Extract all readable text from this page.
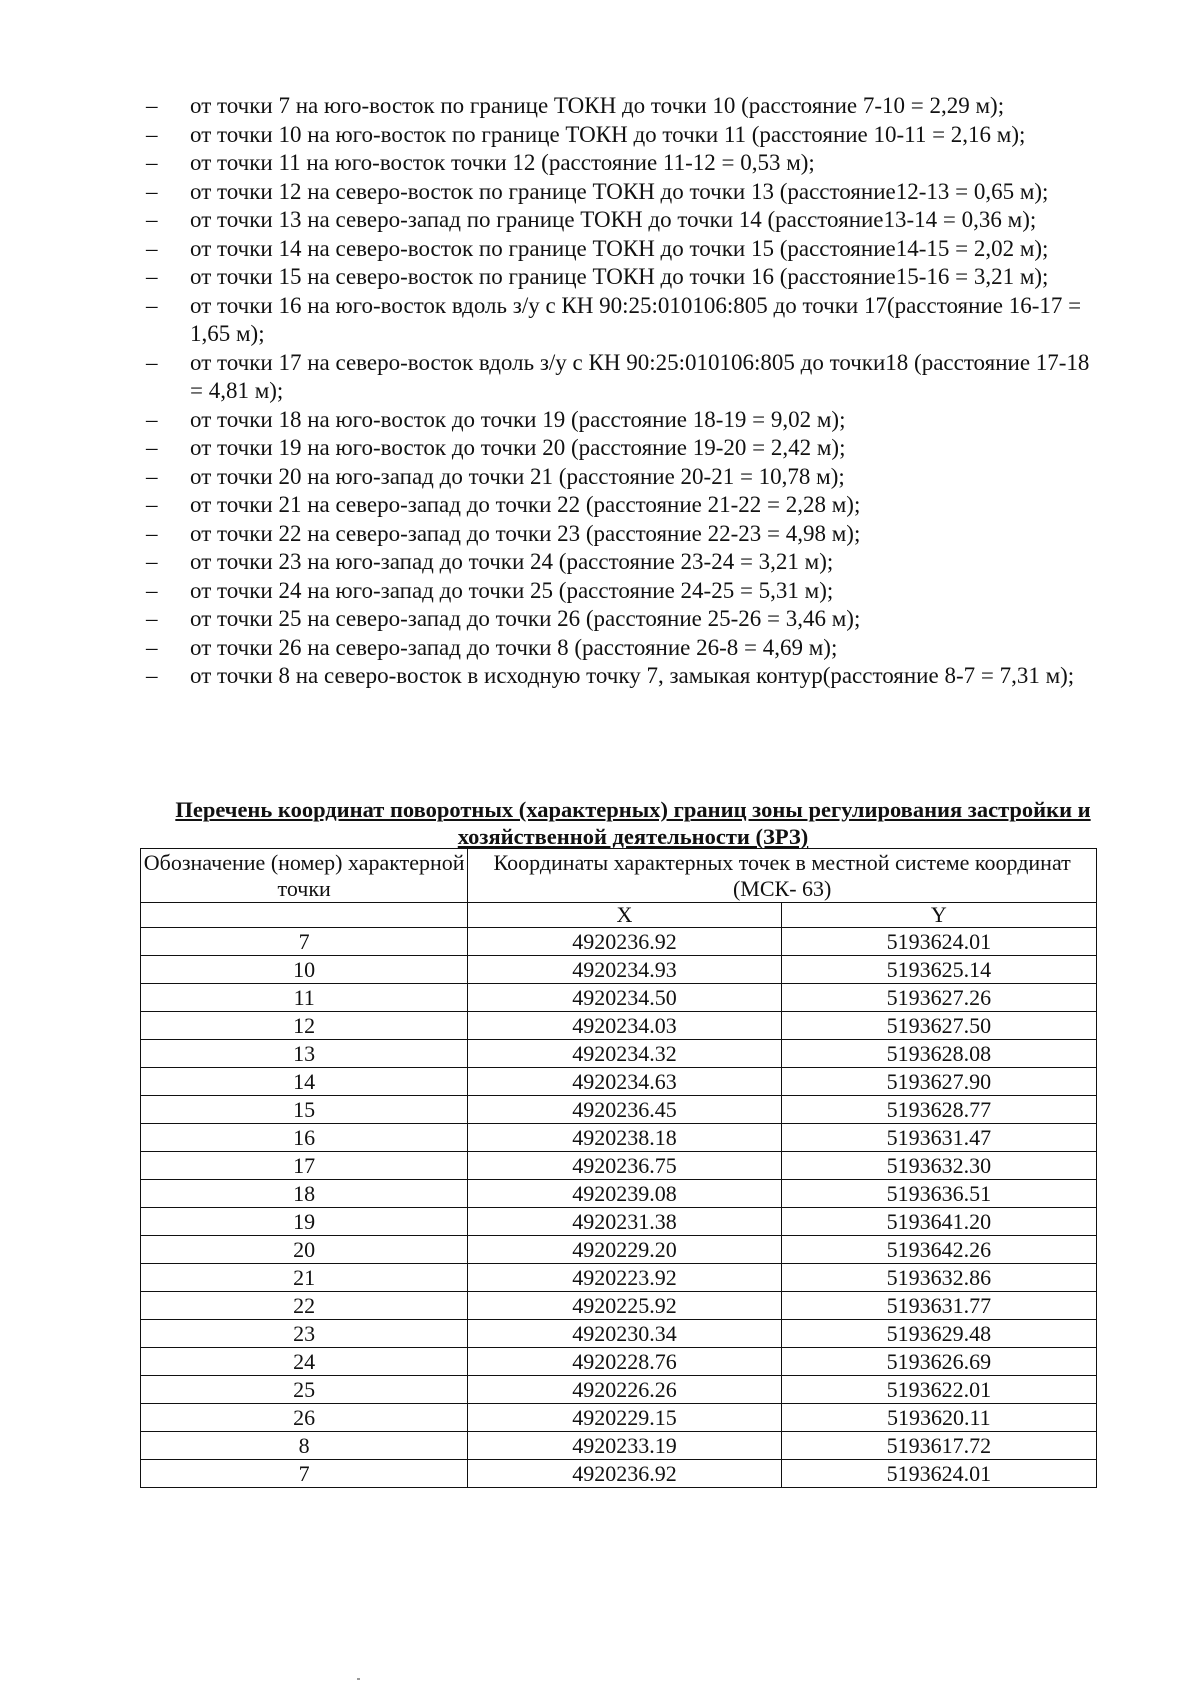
–	от точки 7 на юго-восток по границе ТОКН до точки 10 (расстояние 7-10 = 2,29 м);
–	от точки 10 на юго-восток по границе ТОКН до точки 11 (расстояние 10-11 = 2,16 м);
–	от точки 11 на юго-восток точки 12 (расстояние 11-12 = 0,53 м);
–	от точки 12 на северо-восток по границе ТОКН до точки 13 (расстояние12-13 = 0,65 м);
–	от точки 13 на северо-запад по границе ТОКН до точки 14 (расстояние13-14 = 0,36 м);
–	от точки 14 на северо-восток по границе ТОКН до точки 15 (расстояние14-15 = 2,02 м);
–	от точки 15 на северо-восток по границе ТОКН до точки 16 (расстояние15-16 = 3,21 м);
–	от точки 16 на юго-восток вдоль з/у с КН 90:25:010106:805 до точки 17(расстояние 16-17 = 1,65 м);
–	от точки 17 на северо-восток вдоль з/у с КН 90:25:010106:805 до точки18 (расстояние 17-18 = 4,81 м);
–	от точки 18 на юго-восток до точки 19 (расстояние 18-19 = 9,02 м);
–	от точки 19 на юго-восток до точки 20 (расстояние 19-20 = 2,42 м);
–	от точки 20 на юго-запад до точки 21 (расстояние 20-21 = 10,78 м);
–	от точки 21 на северо-запад до точки 22 (расстояние 21-22 = 2,28 м);
–	от точки 22 на северо-запад до точки 23 (расстояние 22-23 = 4,98 м);
–	от точки 23 на юго-запад до точки 24 (расстояние 23-24 = 3,21 м);
–	от точки 24 на юго-запад до точки 25 (расстояние 24-25 = 5,31 м);
–	от точки 25 на северо-запад до точки 26 (расстояние 25-26 = 3,46 м);
–	от точки 26 на северо-запад до точки 8 (расстояние 26-8 = 4,69 м);
–	от точки 8 на северо-восток в исходную точку 7, замыкая контур(расстояние 8-7 = 7,31 м);
Перечень координат поворотных (характерных) границ зоны регулирования застройки и хозяйственной деятельности (ЗРЗ)
Обозначение (номер) характерной точки	Координаты характерных точек в местной системе координат (МСК- 63)	
	X	Y
7	4920236.92	5193624.01
10	4920234.93	5193625.14
11	4920234.50	5193627.26
12	4920234.03	5193627.50
13	4920234.32	5193628.08
14	4920234.63	5193627.90
15	4920236.45	5193628.77
16	4920238.18	5193631.47
17	4920236.75	5193632.30
18	4920239.08	5193636.51
19	4920231.38	5193641.20
20	4920229.20	5193642.26
21	4920223.92	5193632.86
22	4920225.92	5193631.77
23	4920230.34	5193629.48
24	4920228.76	5193626.69
25	4920226.26	5193622.01
26	4920229.15	5193620.11
8	4920233.19	5193617.72
7	4920236.92	5193624.01
